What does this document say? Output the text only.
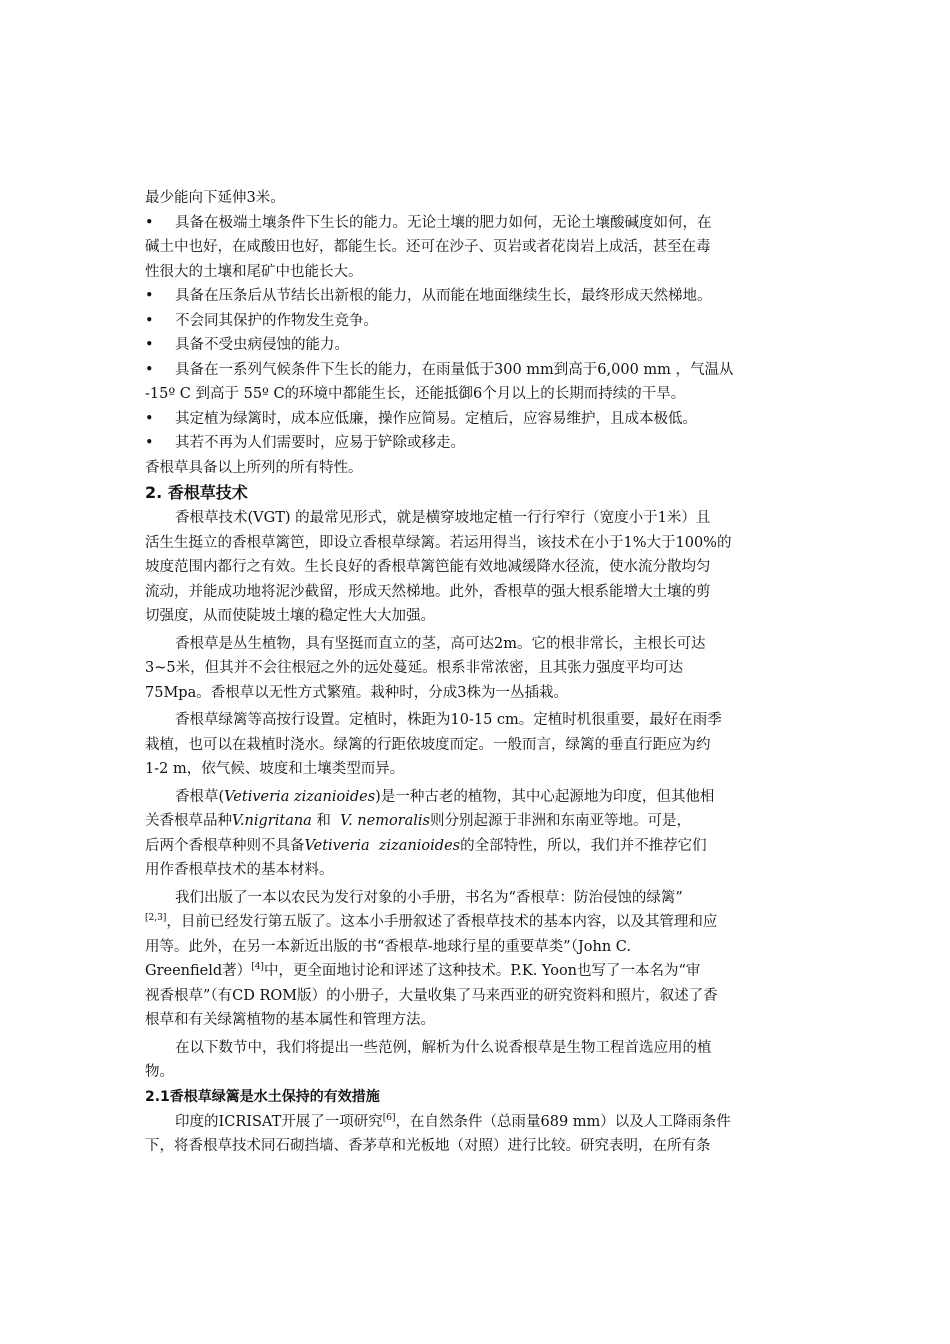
最少能向下延伸3米。
• 具备在极端土壤条件下生长的能力。无论土壤的肥力如何，无论土壤酸碱度如何，在
碱土中也好，在咸酸田也好，都能生长。还可在沙子、页岩或者花岗岩上成活，甚至在毒
性很大的土壤和尾矿中也能长大。
• 具备在压条后从节结长出新根的能力，从而能在地面继续生长，最终形成天然梯地。
• 不会同其保护的作物发生竞争。
• 具备不受虫病侵蚀的能力。
• 具备在一系列气候条件下生长的能力，在雨量低于300 mm到高于6,000 mm ，气温从
-15º C 到高于 55º C的环境中都能生长，还能抵御6个月以上的长期而持续的干旱。
• 其定植为绿篱时，成本应低廉，操作应简易。定植后，应容易维护，且成本极低。
• 其若不再为人们需要时，应易于铲除或移走。
香根草具备以上所列的所有特性。
2. 香根草技术
香根草技术(VGT) 的最常见形式，就是横穿坡地定植一行行窄行（宽度小于1米）且
活生生挺立的香根草篱笆，即设立香根草绿篱。若运用得当，该技术在小于1%大于100%的
坡度范围内都行之有效。生长良好的香根草篱笆能有效地减缓降水径流，使水流分散均匀
流动，并能成功地将泥沙截留，形成天然梯地。此外，香根草的强大根系能增大土壤的剪
切强度，从而使陡坡土壤的稳定性大大加强。
香根草是丛生植物，具有坚挺而直立的茎，高可达2m。它的根非常长，主根长可达
3~5米，但其并不会往根冠之外的远处蔓延。根系非常浓密，且其张力强度平均可达
75Mpa。香根草以无性方式繁殖。栽种时，分成3株为一丛插栽。
香根草绿篱等高按行设置。定植时，株距为10-15 cm。定植时机很重要，最好在雨季
栽植，也可以在栽植时浇水。绿篱的行距依坡度而定。一般而言，绿篱的垂直行距应为约
1-2 m，依气候、坡度和土壤类型而异。
香根草(Vetiveria zizanioides)是一种古老的植物，其中心起源地为印度，但其他相
关香根草品种V.nigritana 和  V. nemoralis则分别起源于非洲和东南亚等地。可是，
后两个香根草种则不具备Vetiveria  zizanioides的全部特性，所以，我们并不推荐它们
用作香根草技术的基本材料。
我们出版了一本以农民为发行对象的小手册，书名为“香根草：防治侵蚀的绿篱”
[2,3]，目前已经发行第五版了。这本小手册叙述了香根草技术的基本内容，以及其管理和应
用等。此外，在另一本新近出版的书“香根草-地球行星的重要草类”（John C.
Greenfield著）[4]中，更全面地讨论和评述了这种技术。P.K. Yoon也写了一本名为“审
视香根草”（有CD ROM版）的小册子，大量收集了马来西亚的研究资料和照片，叙述了香
根草和有关绿篱植物的基本属性和管理方法。
在以下数节中，我们将提出一些范例，解析为什么说香根草是生物工程首选应用的植
物。
2.1香根草绿篱是水土保持的有效措施
印度的ICRISAT开展了一项研究[6]，在自然条件（总雨量689 mm）以及人工降雨条件
下，将香根草技术同石砌挡墙、香茅草和光板地（对照）进行比较。研究表明，在所有条
